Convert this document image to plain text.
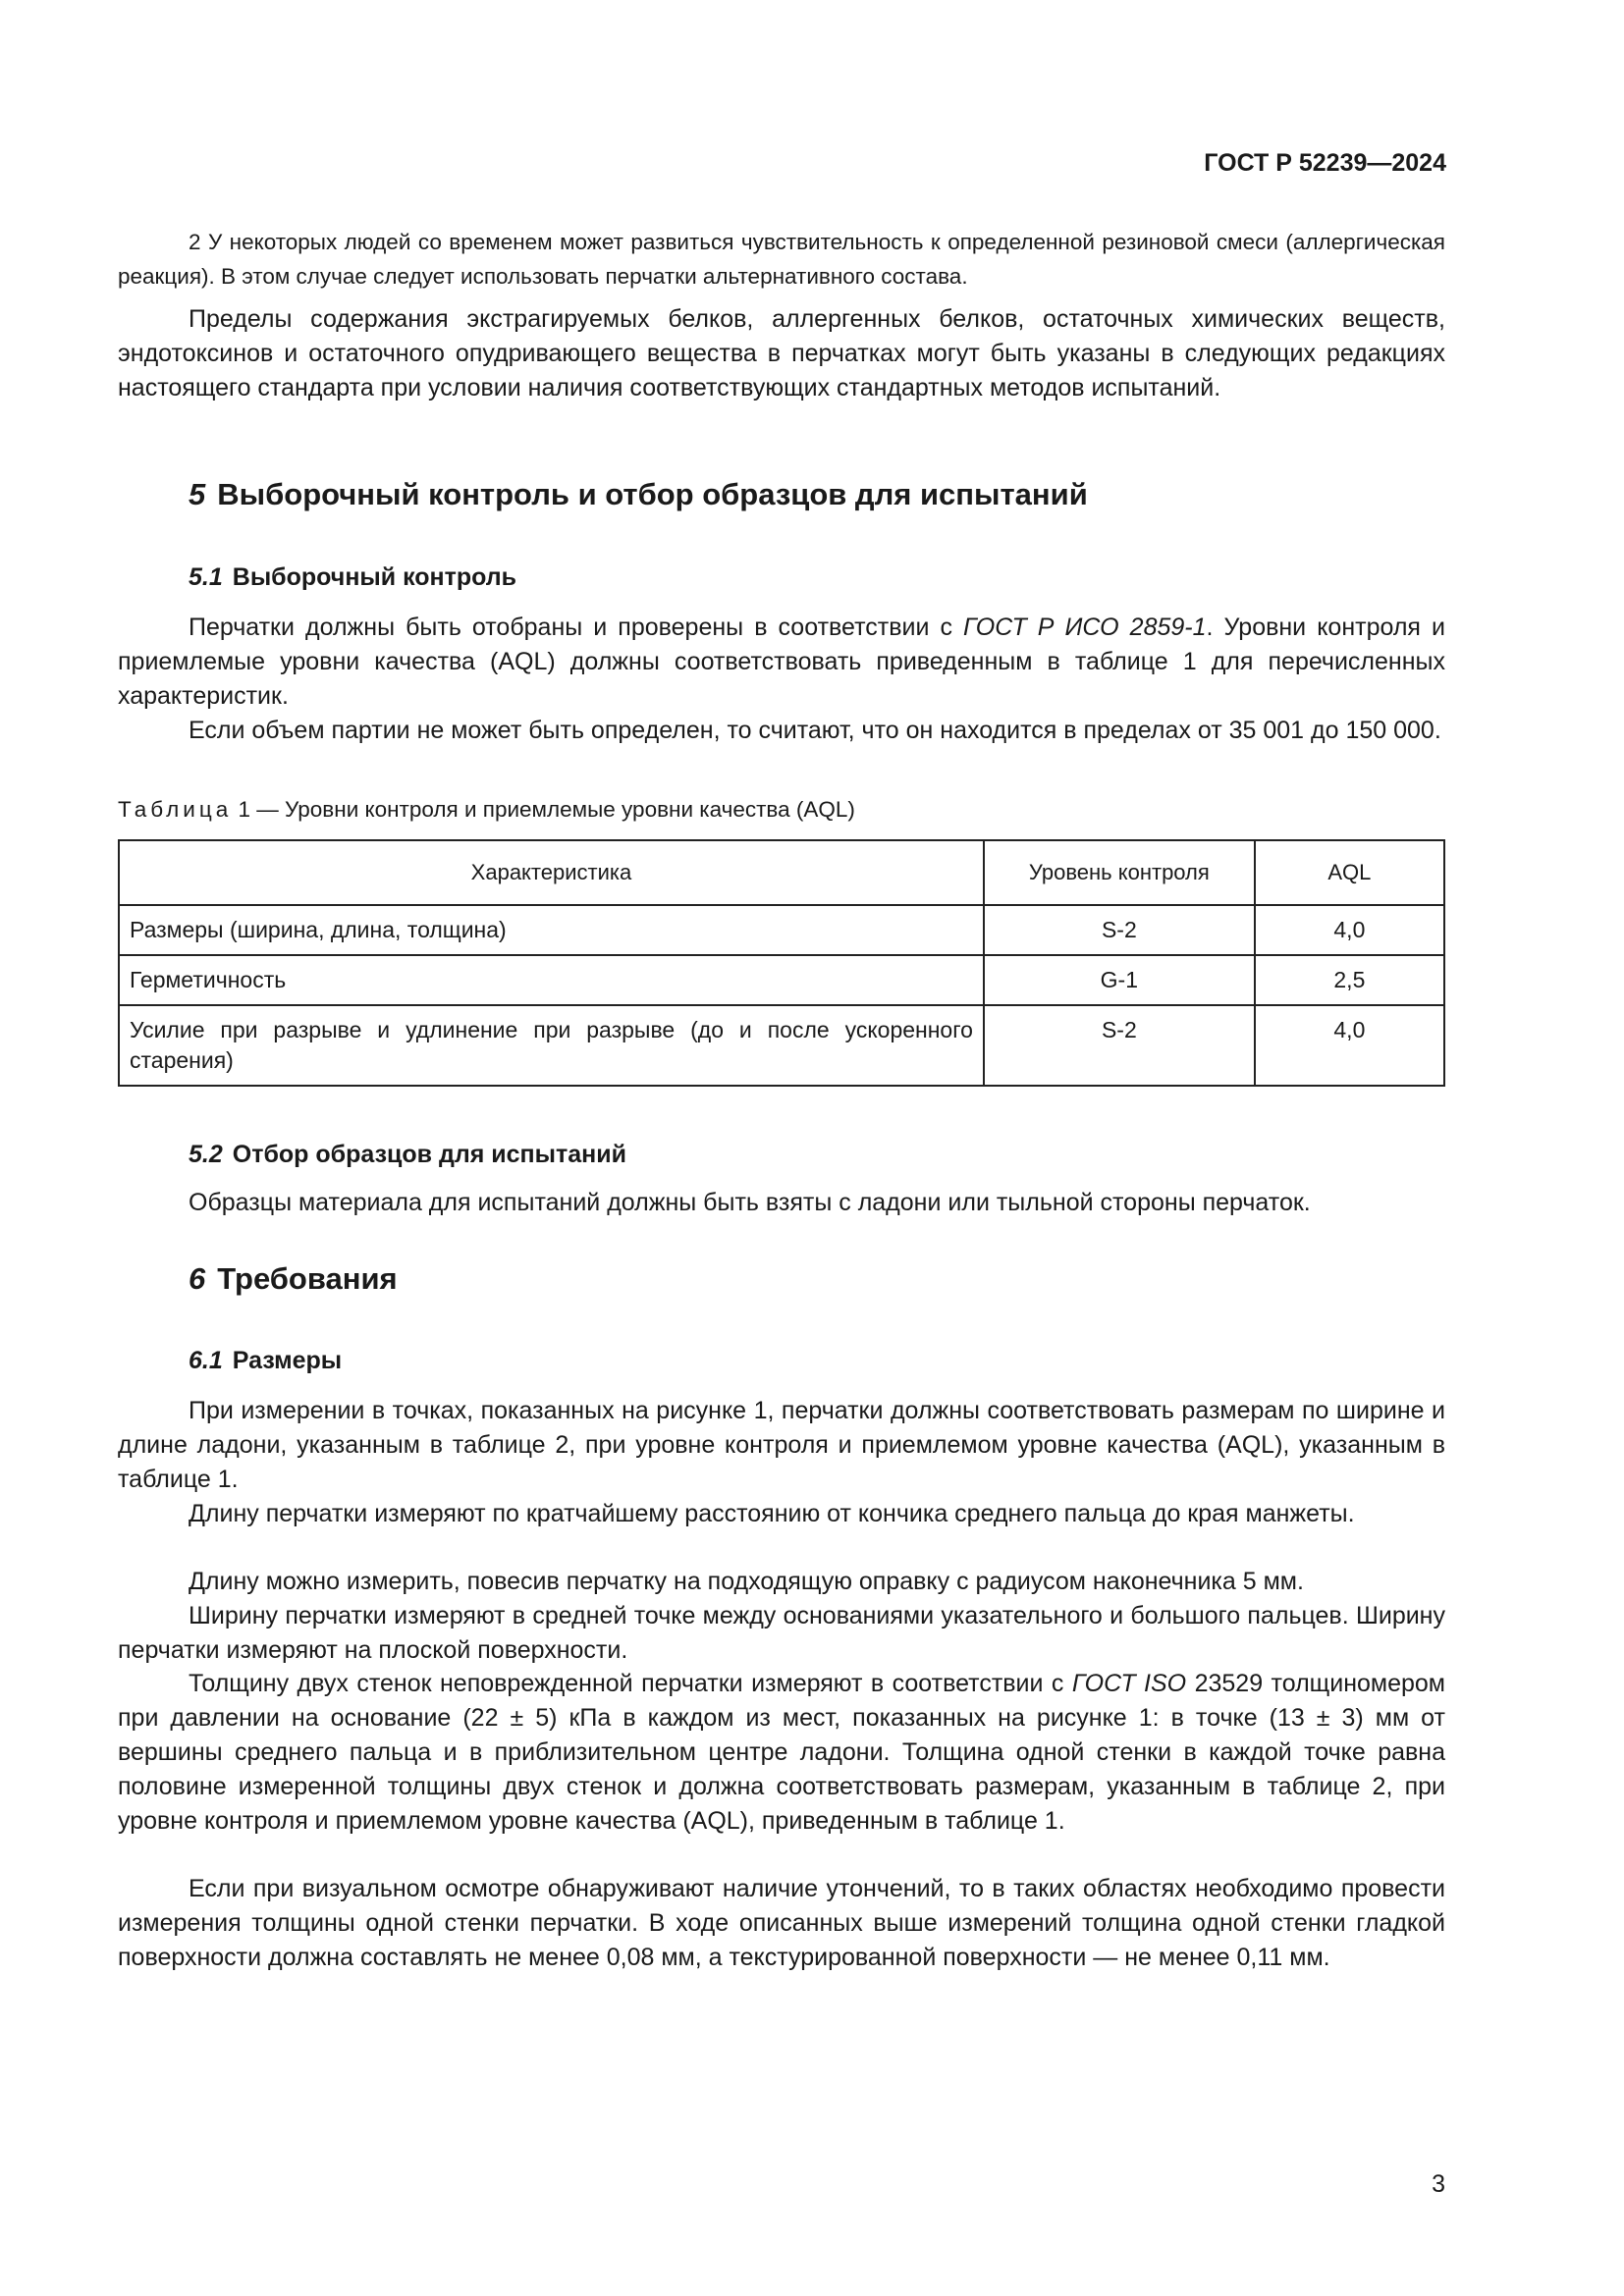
ГОСТ Р 52239—2024
2 У некоторых людей со временем может развиться чувствительность к определенной резиновой смеси (аллергическая реакция). В этом случае следует использовать перчатки альтернативного состава.
Пределы содержания экстрагируемых белков, аллергенных белков, остаточных химических веществ, эндотоксинов и остаточного опудривающего вещества в перчатках могут быть указаны в следующих редакциях настоящего стандарта при условии наличия соответствующих стандартных методов испытаний.
5 Выборочный контроль и отбор образцов для испытаний
5.1 Выборочный контроль
Перчатки должны быть отобраны и проверены в соответствии с ГОСТ Р ИСО 2859-1. Уровни контроля и приемлемые уровни качества (AQL) должны соответствовать приведенным в таблице 1 для перечисленных характеристик.
Если объем партии не может быть определен, то считают, что он находится в пределах от 35 001 до 150 000.
Таблица 1 — Уровни контроля и приемлемые уровни качества (AQL)
Характеристика	Уровень контроля	AQL
Размеры (ширина, длина, толщина)	S-2	4,0
Герметичность	G-1	2,5
Усилие при разрыве и удлинение при разрыве (до и после ускоренного старения)	S-2	4,0
5.2 Отбор образцов для испытаний
Образцы материала для испытаний должны быть взяты с ладони или тыльной стороны перчаток.
6 Требования
6.1 Размеры
При измерении в точках, показанных на рисунке 1, перчатки должны соответствовать размерам по ширине и длине ладони, указанным в таблице 2, при уровне контроля и приемлемом уровне качества (AQL), указанным в таблице 1.
Длину перчатки измеряют по кратчайшему расстоянию от кончика среднего пальца до края манжеты.
Длину можно измерить, повесив перчатку на подходящую оправку с радиусом наконечника 5 мм.
Ширину перчатки измеряют в средней точке между основаниями указательного и большого пальцев. Ширину перчатки измеряют на плоской поверхности.
Толщину двух стенок неповрежденной перчатки измеряют в соответствии с ГОСТ ISO 23529 толщиномером при давлении на основание (22 ± 5) кПа в каждом из мест, показанных на рисунке 1: в точке (13 ± 3) мм от вершины среднего пальца и в приблизительном центре ладони. Толщина одной стенки в каждой точке равна половине измеренной толщины двух стенок и должна соответствовать размерам, указанным в таблице 2, при уровне контроля и приемлемом уровне качества (AQL), приведенным в таблице 1.
Если при визуальном осмотре обнаруживают наличие утончений, то в таких областях необходимо провести измерения толщины одной стенки перчатки. В ходе описанных выше измерений толщина одной стенки гладкой поверхности должна составлять не менее 0,08 мм, а текстурированной поверхности — не менее 0,11 мм.
3
